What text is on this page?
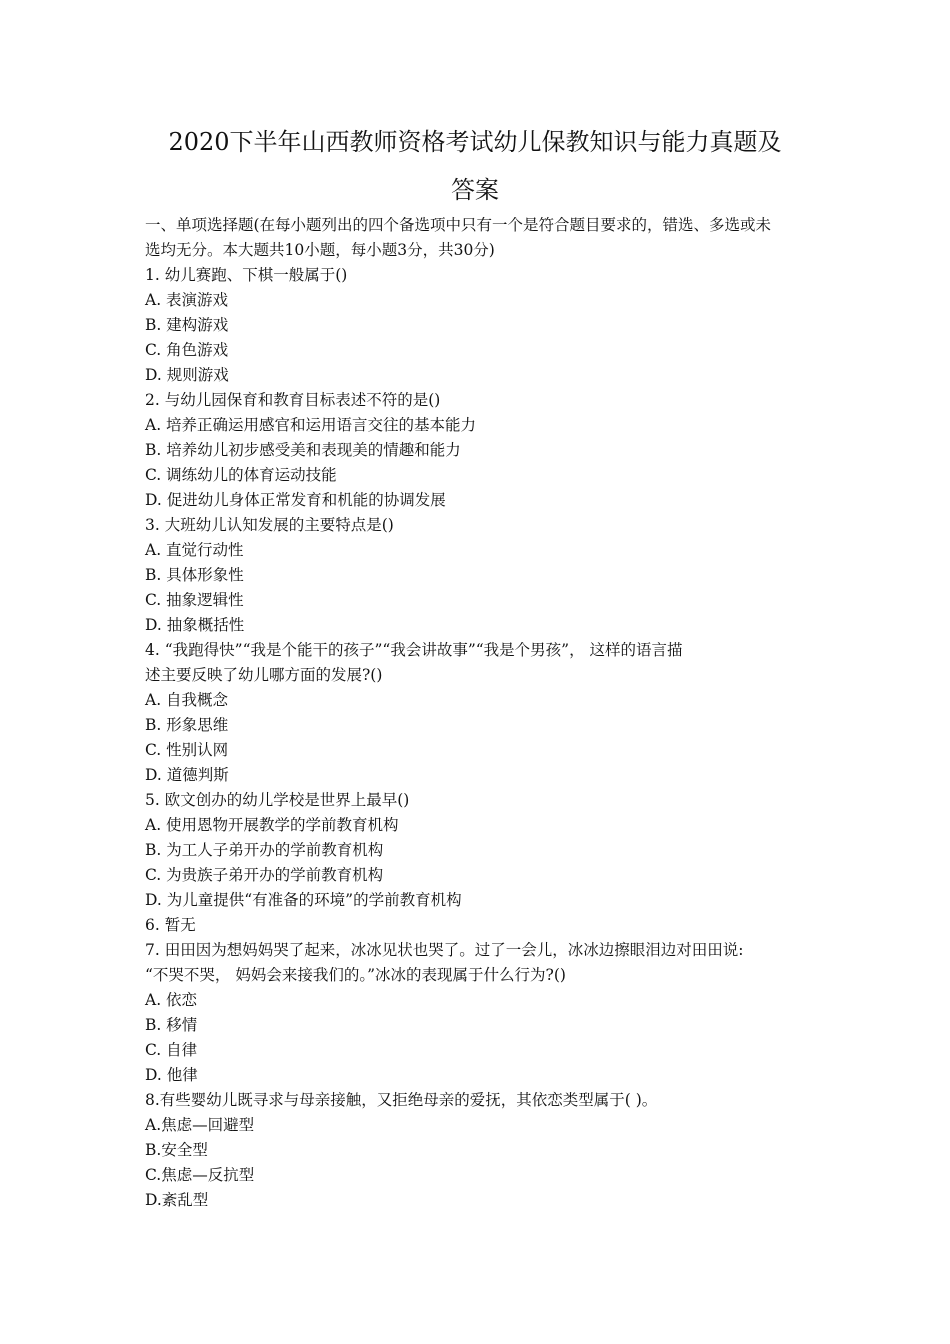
2020下半年山西教师资格考试幼儿保教知识与能力真题及
答案
一、单项选择题(在每小题列出的四个备选项中只有一个是符合题目要求的，错选、多选或未
选均无分。本大题共10小题，每小题3分，共30分)
1. 幼儿赛跑、下棋一般属于()
A. 表演游戏
B. 建构游戏
C. 角色游戏
D. 规则游戏
2. 与幼儿园保育和教育目标表述不符的是()
A. 培养正确运用感官和运用语言交往的基本能力
B. 培养幼儿初步感受美和表现美的情趣和能力
C. 调练幼儿的体育运动技能
D. 促进幼儿身体正常发育和机能的协调发展
3. 大班幼儿认知发展的主要特点是()
A. 直觉行动性
B. 具体形象性
C. 抽象逻辑性
D. 抽象概括性
4. “我跑得快”“我是个能干的孩子”“我会讲故事”“我是个男孩”， 这样的语言描
述主要反映了幼儿哪方面的发展?()
A. 自我概念
B. 形象思维
C. 性别认网
D. 道德判斯
5. 欧文创办的幼儿学校是世界上最早()
A. 使用恩物开展教学的学前教育机构
B. 为工人子弟开办的学前教育机构
C. 为贵族子弟开办的学前教育机构
D. 为儿童提供“有准备的环境”的学前教育机构
6. 暂无
7. 田田因为想妈妈哭了起来，冰冰见状也哭了。过了一会儿，冰冰边擦眼泪边对田田说:
“不哭不哭， 妈妈会来接我们的。”冰冰的表现属于什么行为?()
A. 依恋
B. 移情
C. 自律
D. 他律
8.有些婴幼儿既寻求与母亲接触，又拒绝母亲的爱抚，其依恋类型属于( )。
A.焦虑—回避型
B.安全型
C.焦虑—反抗型
D.紊乱型
